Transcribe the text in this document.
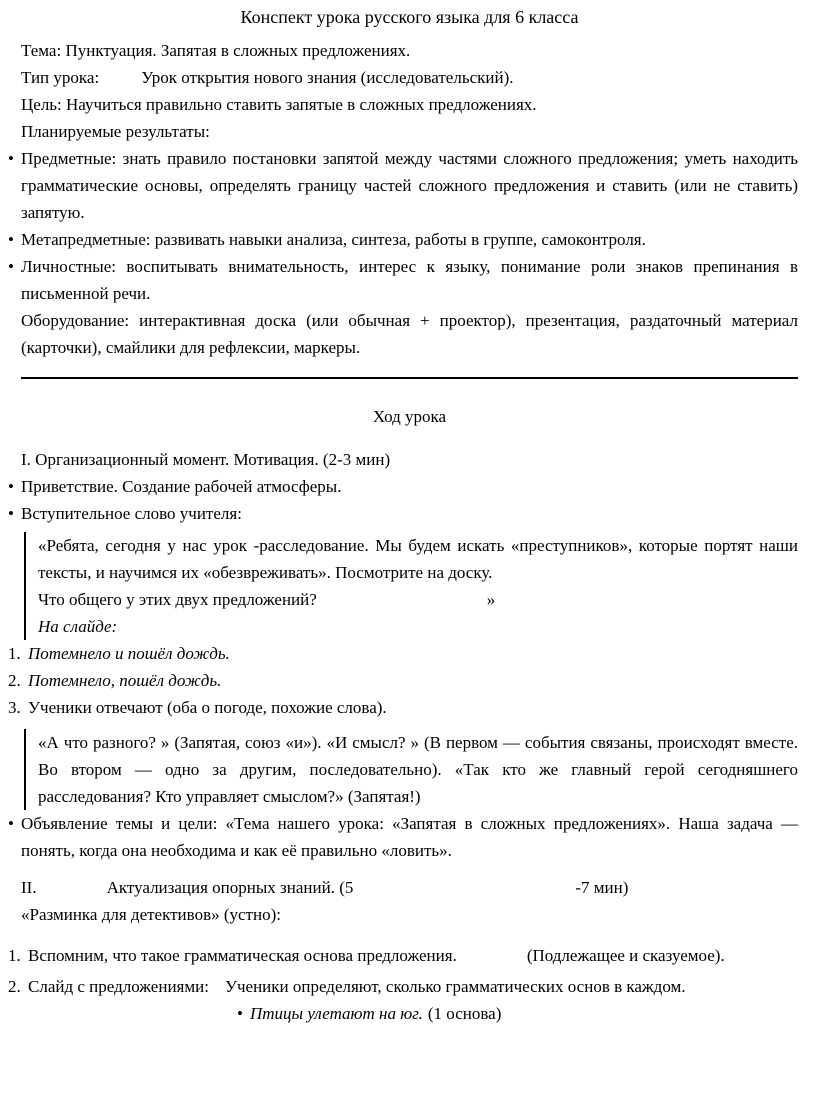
Конспект урока русского языка для 6 класса

Тема: Пунктуация. Запятая в сложных предложениях.

Тип урока: Урок открытия нового знания (исследовательский).

Цель: Научиться правильно ставить запятые в сложных предложениях.

Планируемые результаты:

• Предметные: знать правило постановки запятой между частями сложного предложения; уметь находить грамматические основы, определять границу частей сложного предложения и ставить (или не ставить) запятую.
• Метапредметные: развивать навыки анализа, синтеза, работы в группе, самоконтроля.
• Личностные: воспитывать внимательность, интерес к языку, понимание роли знаков препинания в письменной речи.

Оборудование: интерактивная доска (или обычная + проектор), презентация, раздаточный материал (карточки), смайлики для рефлексии, маркеры.

Ход урока

I. Организационный момент. Мотивация. (2-3 мин)

• Приветствие. Создание рабочей атмосферы.
• Вступительное слово учителя:

«Ребята, сегодня у нас урок -расследование. Мы будем искать «преступников», которые портят наши тексты, и научимся их «обезвреживать». Посмотрите на доску.

Что общего у этих двух предложений?	»

На слайде:

1. Потемнело и пошёл дождь.
2. Потемнело, пошёл дождь.
3. Ученики отвечают (оба о погоде, похожие слова).

«А что разного? » (Запятая, союз «и»). «И смысл? » (В первом — события связаны, происходят вместе. Во втором — одно за другим, последовательно). «Так кто же главный герой сегодняшнего расследования? Кто управляет смыслом?» (Запятая!)

• Объявление темы и цели: «Тема нашего урока: «Запятая в сложных предложениях». Наша задача — понять, когда она необходима и как её правильно «ловить».

II.	Актуализация опорных знаний. (5	-7 мин)

«Разминка для детективов» (устно):

1. Вспомним, что такое грамматическая основа предложения.	(Подлежащее и сказуемое).
2. Слайд с предложениями: Ученики определяют, сколько грамматических основ в каждом.
• Птицы улетают на юг. (1 основа)
